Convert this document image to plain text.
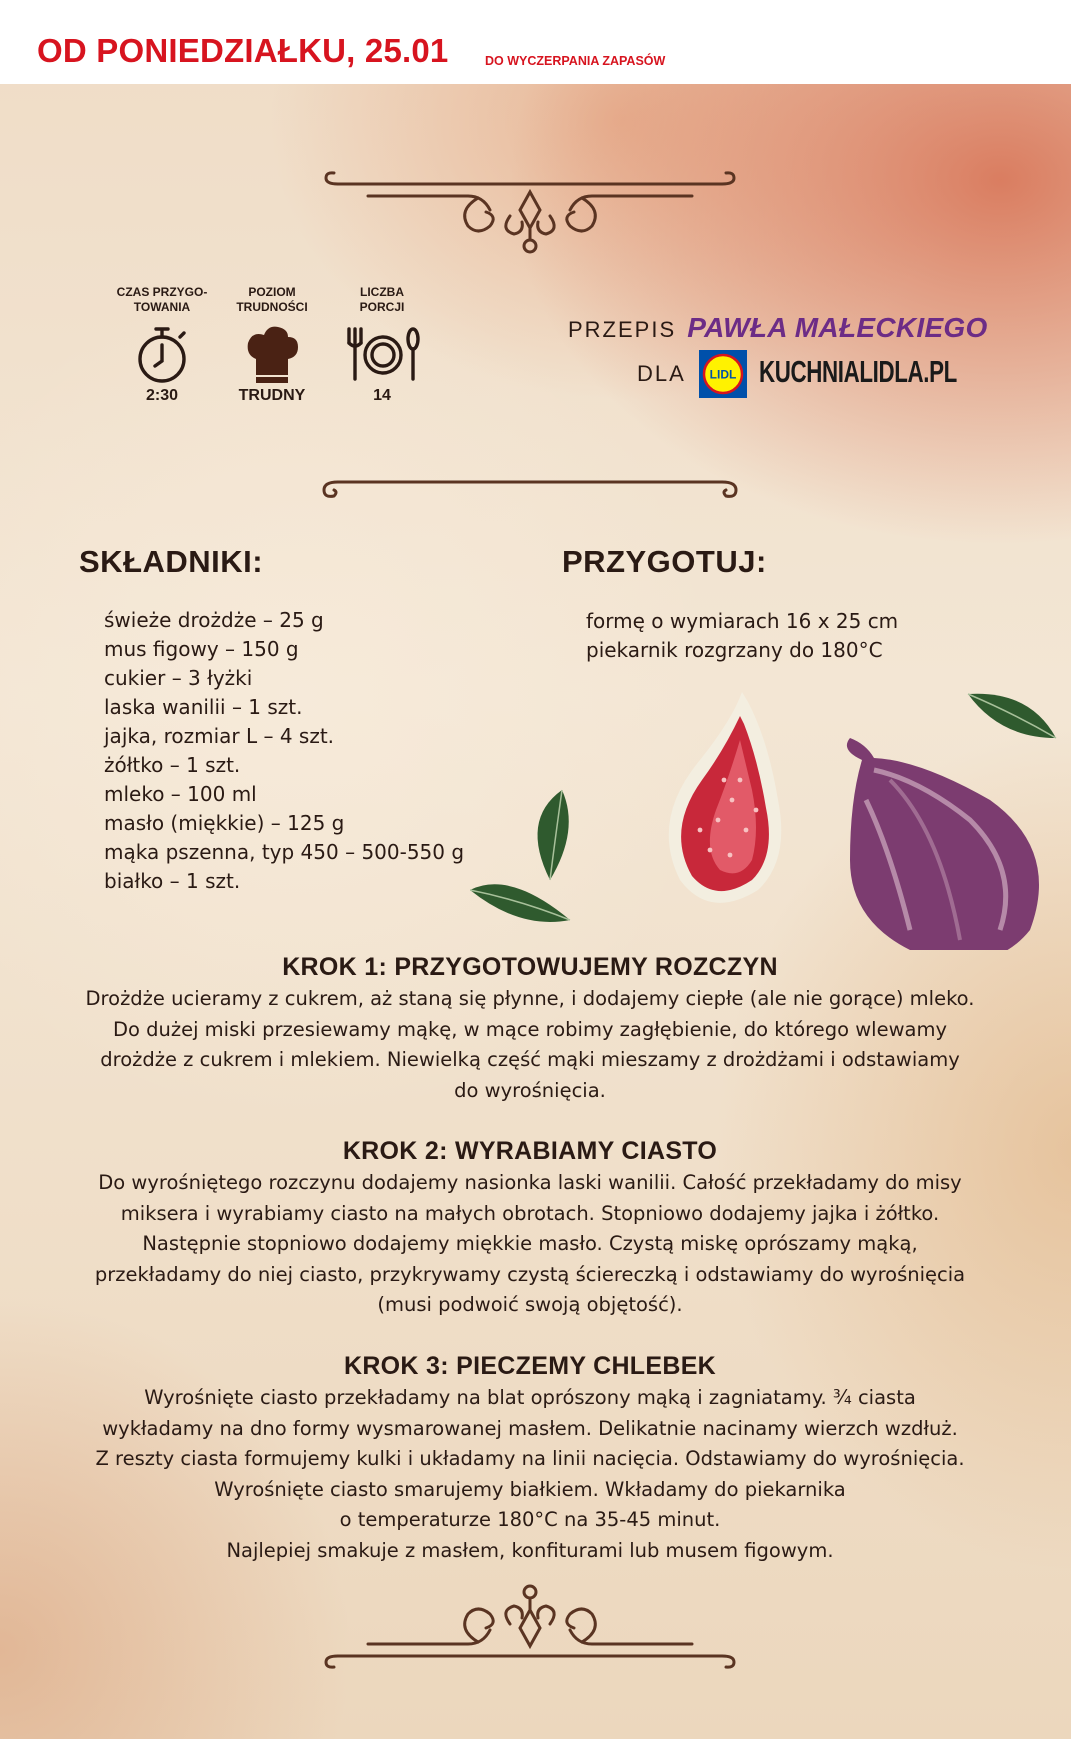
OD PONIEDZIAŁKU, 25.01	DO WYCZERPANIA ZAPASÓW
CZAS PRZYGO-
TOWANIA
2:30
POZIOM
TRUDNOŚCI
TRUDNY
LICZBA
PORCJI
14
PRZEPIS PAWŁA MAŁECKIEGO
DLA LIDL KUCHNIALIDLA.PL
SKŁADNIKI:
świeże drożdże – 25 g
mus figowy – 150 g
cukier – 3 łyżki
laska wanilii – 1 szt.
jajka, rozmiar L – 4 szt.
żółtko – 1 szt.
mleko – 100 ml
masło (miękkie) – 125 g
mąka pszenna, typ 450 – 500-550 g
białko – 1 szt.
PRZYGOTUJ:
formę o wymiarach 16 x 25 cm
piekarnik rozgrzany do 180°C
KROK 1: PRZYGOTOWUJEMY ROZCZYN

Drożdże ucieramy z cukrem, aż staną się płynne, i dodajemy ciepłe (ale nie gorące) mleko.
Do dużej miski przesiewamy mąkę, w mące robimy zagłębienie, do którego wlewamy
drożdże z cukrem i mlekiem. Niewielką część mąki mieszamy z drożdżami i odstawiamy
do wyrośnięcia.

KROK 2: WYRABIAMY CIASTO

Do wyrośniętego rozczynu dodajemy nasionka laski wanilii. Całość przekładamy do misy
miksera i wyrabiamy ciasto na małych obrotach. Stopniowo dodajemy jajka i żółtko.
Następnie stopniowo dodajemy miękkie masło. Czystą miskę oprószamy mąką,
przekładamy do niej ciasto, przykrywamy czystą ściereczką i odstawiamy do wyrośnięcia
(musi podwoić swoją objętość).

KROK 3: PIECZEMY CHLEBEK

Wyrośnięte ciasto przekładamy na blat oprószony mąką i zagniatamy. ¾ ciasta
wykładamy na dno formy wysmarowanej masłem. Delikatnie nacinamy wierzch wzdłuż.
Z reszty ciasta formujemy kulki i układamy na linii nacięcia. Odstawiamy do wyrośnięcia.
Wyrośnięte ciasto smarujemy białkiem. Wkładamy do piekarnika
o temperaturze 180°C na 35-45 minut.
Najlepiej smakuje z masłem, konfiturami lub musem figowym.
